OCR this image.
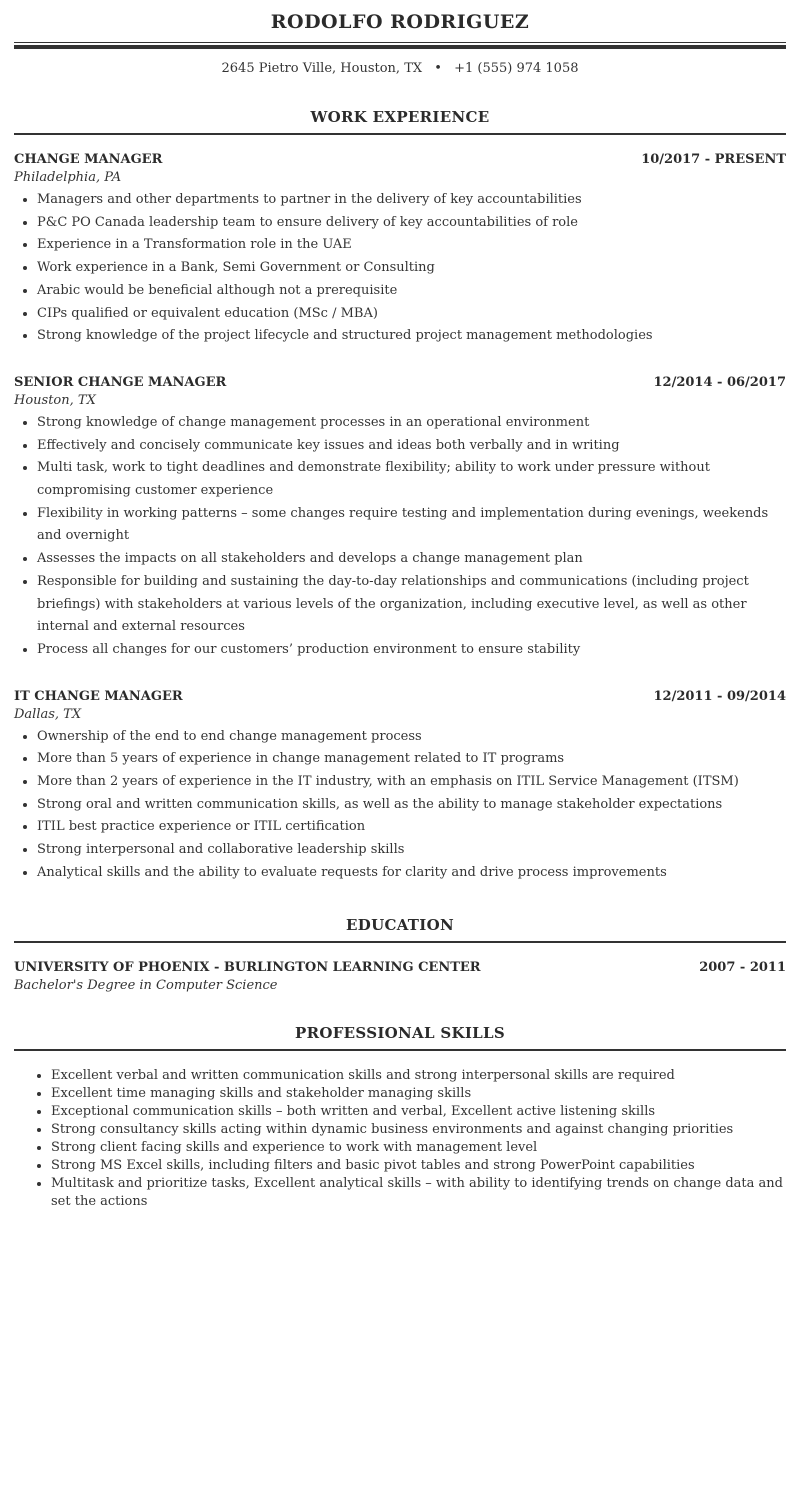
RODOLFO RODRIGUEZ
2645 Pietro Ville, Houston, TX • +1 (555) 974 1058
WORK EXPERIENCE
CHANGE MANAGER	10/2017 - PRESENT
Philadelphia, PA
• Managers and other departments to partner in the delivery of key accountabilities
• P&C PO Canada leadership team to ensure delivery of key accountabilities of role
• Experience in a Transformation role in the UAE
• Work experience in a Bank, Semi Government or Consulting
• Arabic would be beneficial although not a prerequisite
• CIPs qualified or equivalent education (MSc / MBA)
• Strong knowledge of the project lifecycle and structured project management methodologies
SENIOR CHANGE MANAGER	12/2014 - 06/2017
Houston, TX
• Strong knowledge of change management processes in an operational environment
• Effectively and concisely communicate key issues and ideas both verbally and in writing
• Multi task, work to tight deadlines and demonstrate flexibility; ability to work under pressure without compromising customer experience
• Flexibility in working patterns – some changes require testing and implementation during evenings, weekends and overnight
• Assesses the impacts on all stakeholders and develops a change management plan
• Responsible for building and sustaining the day-to-day relationships and communications (including project briefings) with stakeholders at various levels of the organization, including executive level, as well as other internal and external resources
• Process all changes for our customers’ production environment to ensure stability
IT CHANGE MANAGER	12/2011 - 09/2014
Dallas, TX
• Ownership of the end to end change management process
• More than 5 years of experience in change management related to IT programs
• More than 2 years of experience in the IT industry, with an emphasis on ITIL Service Management (ITSM)
• Strong oral and written communication skills, as well as the ability to manage stakeholder expectations
• ITIL best practice experience or ITIL certification
• Strong interpersonal and collaborative leadership skills
• Analytical skills and the ability to evaluate requests for clarity and drive process improvements
EDUCATION
UNIVERSITY OF PHOENIX - BURLINGTON LEARNING CENTER	2007 - 2011
Bachelor's Degree in Computer Science
PROFESSIONAL SKILLS
• Excellent verbal and written communication skills and strong interpersonal skills are required
• Excellent time managing skills and stakeholder managing skills
• Exceptional communication skills – both written and verbal, Excellent active listening skills
• Strong consultancy skills acting within dynamic business environments and against changing priorities
• Strong client facing skills and experience to work with management level
• Strong MS Excel skills, including filters and basic pivot tables and strong PowerPoint capabilities
• Multitask and prioritize tasks, Excellent analytical skills – with ability to identifying trends on change data and set the actions
